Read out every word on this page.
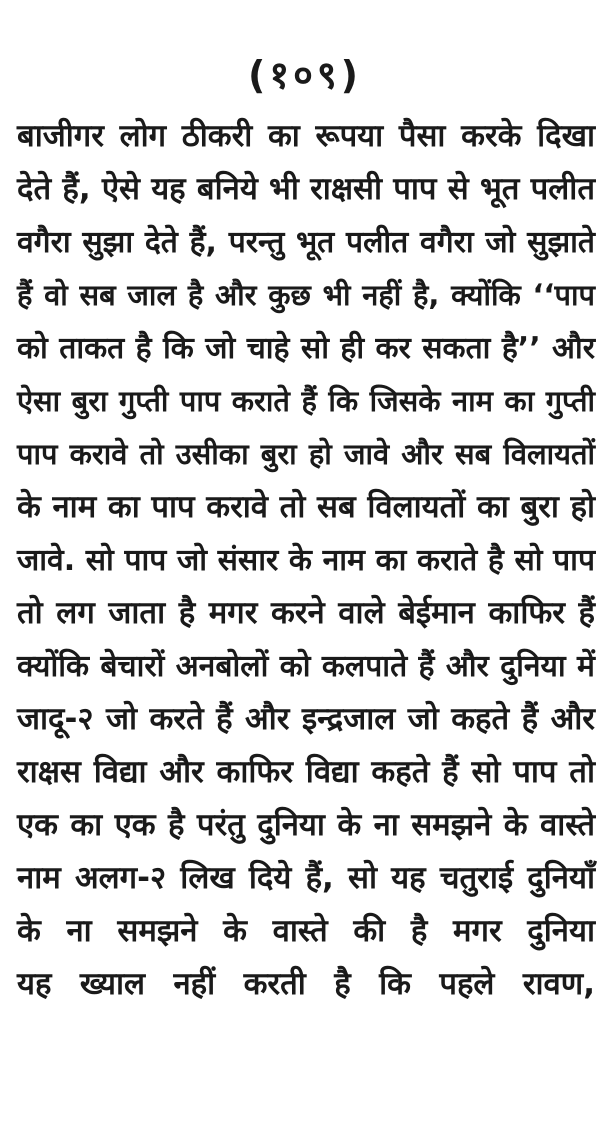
(१०९)
बाजीगर लोग ठीकरी का रूपया पैसा करके दिखा
देते हैं, ऐसे यह बनिये भी राक्षसी पाप से भूत पलीत
वगैरा सुझा देते हैं, परन्तु भूत पलीत वगैरा जो सुझाते
हैं वो सब जाल है और कुछ भी नहीं है, क्योंकि ‘‘पाप
को ताकत है कि जो चाहे सो ही कर सकता है’’ और
ऐसा बुरा गुप्ती पाप कराते हैं कि जिसके नाम का गुप्ती
पाप करावे तो उसीका बुरा हो जावे और सब विलायतों
के नाम का पाप करावे तो सब विलायतों का बुरा हो
जावे. सो पाप जो संसार के नाम का कराते है सो पाप
तो लग जाता है मगर करने वाले बेईमान काफिर हैं
क्योंकि बेचारों अनबोलों को कलपाते हैं और दुनिया में
जादू-२ जो करते हैं और इन्द्रजाल जो कहते हैं और
राक्षस विद्या और काफिर विद्या कहते हैं सो पाप तो
एक का एक है परंतु दुनिया के ना समझने के वास्ते
नाम अलग-२ लिख दिये हैं, सो यह चतुराई दुनियाँ
के ना समझने के वास्ते की है मगर दुनिया
यह ख्याल नहीं करती है कि पहले रावण,
